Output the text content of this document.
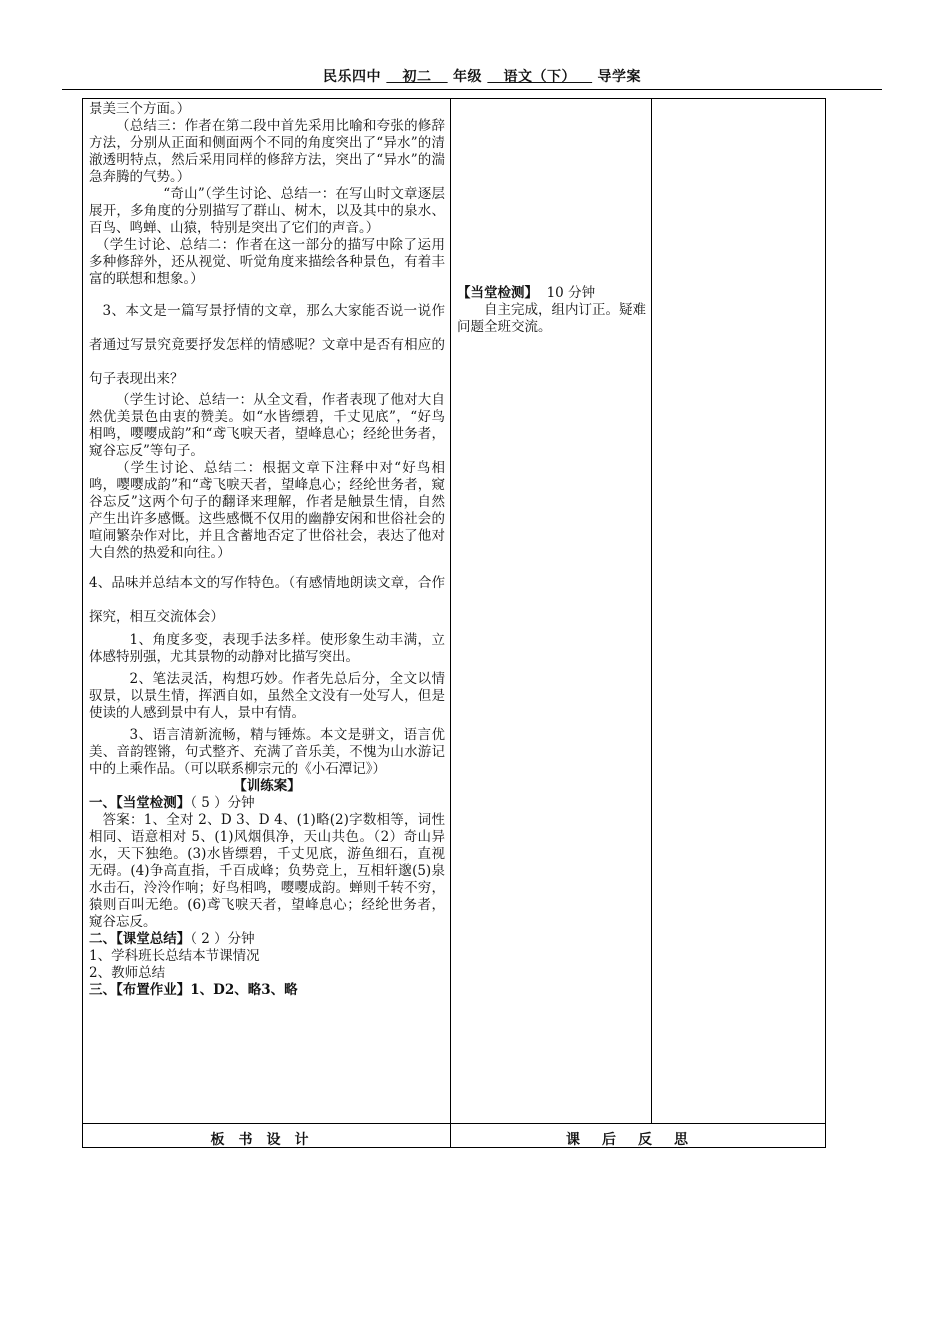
民乐四中 初二 年级 语文（下） 导学案

景美三个方面。）

（总结三：作者在第二段中首先采用比喻和夸张的修辞方法，分别从正面和侧面两个不同的角度突出了“异水”的清澈透明特点，然后采用同样的修辞方法，突出了“异水”的湍急奔腾的气势。）

“奇山”（学生讨论、总结一：在写山时文章逐层展开，多角度的分别描写了群山、树木，以及其中的泉水、百鸟、鸣蝉、山猿，特别是突出了它们的声音。）

（学生讨论、总结二：作者在这一部分的描写中除了运用多种修辞外，还从视觉、听觉角度来描绘各种景色，有着丰富的联想和想象。）

3、本文是一篇写景抒情的文章，那么大家能否说一说作者通过写景究竟要抒发怎样的情感呢？文章中是否有相应的句子表现出来？

（学生讨论、总结一：从全文看，作者表现了他对大自然优美景色由衷的赞美。如“水皆缥碧，千丈见底”，“好鸟相鸣，嘤嘤成韵”和“鸢飞唳天者，望峰息心；经纶世务者，窥谷忘反”等句子。

（学生讨论、总结二：根据文章下注释中对“好鸟相鸣，嘤嘤成韵”和“鸢飞唳天者，望峰息心；经纶世务者，窥谷忘反”这两个句子的翻译来理解，作者是触景生情，自然产生出许多感慨。这些感慨不仅用的幽静安闲和世俗社会的喧闹繁杂作对比，并且含蓄地否定了世俗社会，表达了他对大自然的热爱和向往。）

4、品味并总结本文的写作特色。（有感情地朗读文章，合作探究，相互交流体会）

1、角度多变，表现手法多样。使形象生动丰满，立体感特别强，尤其景物的动静对比描写突出。

2、笔法灵活，构想巧妙。作者先总后分，全文以情驭景，以景生情，挥洒自如，虽然全文没有一处写人，但是使读的人感到景中有人，景中有情。

3、语言清新流畅，精与锤炼。本文是骈文，语言优美、音韵铿锵，句式整齐、充满了音乐美，不愧为山水游记中的上乘作品。（可以联系柳宗元的《小石潭记》）

【训练案】

一、【当堂检测】（ 5 ）分钟

答案：1、全对 2、D 3、D 4、(1)略(2)字数相等，词性相同、语意相对 5、(1)风烟俱净，天山共色。（2）奇山异水，天下独绝。(3)水皆缥碧，千丈见底，游鱼细石，直视无碍。(4)争高直指，千百成峰；负势竞上，互相轩邈(5)泉水击石，泠泠作响；好鸟相鸣，嘤嘤成韵。蝉则千转不穷，猿则百叫无绝。(6)鸢飞唳天者，望峰息心；经纶世务者，窥谷忘反。

二、【课堂总结】（ 2 ）分钟

1、学科班长总结本节课情况

2、教师总结

三、【布置作业】1、D2、略3、略

【当堂检测】 10 分钟

自主完成，组内订正。疑难问题全班交流。

板书设计	课后反思
